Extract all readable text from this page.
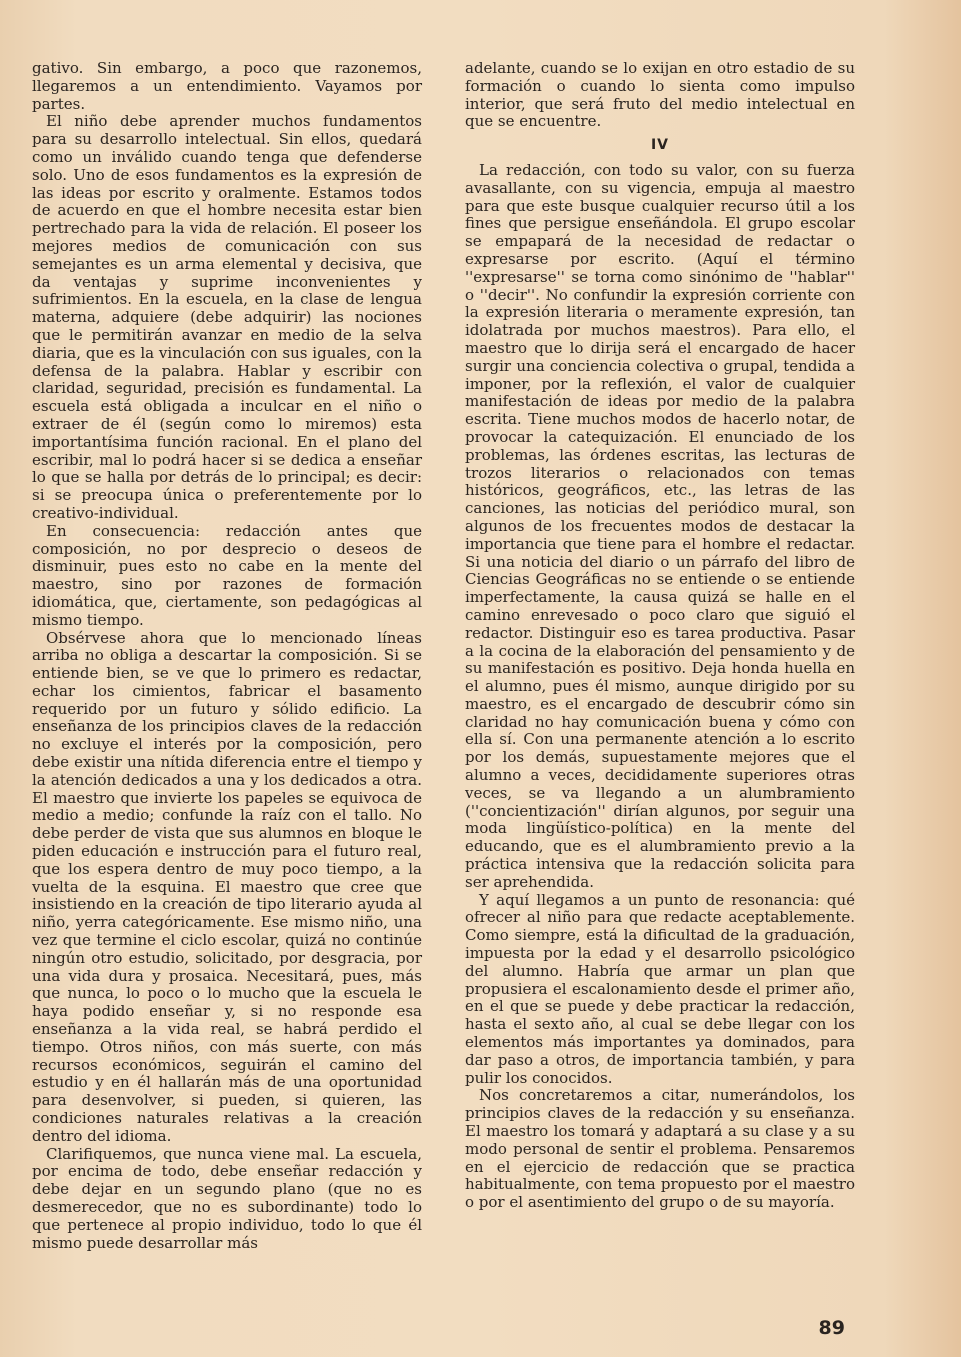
gativo. Sin embargo, a poco que razonemos, llegaremos a un entendimiento. Vayamos por partes.

El niño debe aprender muchos fundamentos para su desarrollo intelectual. Sin ellos, quedará como un inválido cuando tenga que defenderse solo. Uno de esos fundamentos es la expresión de las ideas por escrito y oralmente. Estamos todos de acuerdo en que el hombre necesita estar bien pertrechado para la vida de relación. El poseer los mejores medios de comunicación con sus semejantes es un arma elemental y decisiva, que da ventajas y suprime inconvenientes y sufrimientos. En la escuela, en la clase de lengua materna, adquiere (debe adquirir) las nociones que le permitirán avanzar en medio de la selva diaria, que es la vinculación con sus iguales, con la defensa de la palabra. Hablar y escribir con claridad, seguridad, precisión es fundamental. La escuela está obligada a inculcar en el niño o extraer de él (según como lo miremos) esta importantísima función racional. En el plano del escribir, mal lo podrá hacer si se dedica a enseñar lo que se halla por detrás de lo principal; es decir: si se preocupa única o preferentemente por lo creativo-individual.

En consecuencia: redacción antes que composición, no por desprecio o deseos de disminuir, pues esto no cabe en la mente del maestro, sino por razones de formación idiomática, que, ciertamente, son pedagógicas al mismo tiempo.

Obsérvese ahora que lo mencionado líneas arriba no obliga a descartar la composición. Si se entiende bien, se ve que lo primero es redactar, echar los cimientos, fabricar el basamento requerido por un futuro y sólido edificio. La enseñanza de los principios claves de la redacción no excluye el interés por la composición, pero debe existir una nítida diferencia entre el tiempo y la atención dedicados a una y los dedicados a otra. El maestro que invierte los papeles se equivoca de medio a medio; confunde la raíz con el tallo. No debe perder de vista que sus alumnos en bloque le piden educación e instrucción para el futuro real, que los espera dentro de muy poco tiempo, a la vuelta de la esquina. El maestro que cree que insistiendo en la creación de tipo literario ayuda al niño, yerra categóricamente. Ese mismo niño, una vez que termine el ciclo escolar, quizá no continúe ningún otro estudio, solicitado, por desgracia, por una vida dura y prosaica. Necesitará, pues, más que nunca, lo poco o lo mucho que la escuela le haya podido enseñar y, si no responde esa enseñanza a la vida real, se habrá perdido el tiempo. Otros niños, con más suerte, con más recursos económicos, seguirán el camino del estudio y en él hallarán más de una oportunidad para desenvolver, si pueden, si quieren, las condiciones naturales relativas a la creación dentro del idioma.

Clarifiquemos, que nunca viene mal. La escuela, por encima de todo, debe enseñar redacción y debe dejar en un segundo plano (que no es desmerecedor, que no es subordinante) todo lo que pertenece al propio individuo, todo lo que él mismo puede desarrollar más

adelante, cuando se lo exijan en otro estadio de su formación o cuando lo sienta como impulso interior, que será fruto del medio intelectual en que se encuentre.

IV

La redacción, con todo su valor, con su fuerza avasallante, con su vigencia, empuja al maestro para que este busque cualquier recurso útil a los fines que persigue enseñándola. El grupo escolar se empapará de la necesidad de redactar o expresarse por escrito. (Aquí el término ''expresarse'' se torna como sinónimo de ''hablar'' o ''decir''. No confundir la expresión corriente con la expresión literaria o meramente expresión, tan idolatrada por muchos maestros). Para ello, el maestro que lo dirija será el encargado de hacer surgir una conciencia colectiva o grupal, tendida a imponer, por la reflexión, el valor de cualquier manifestación de ideas por medio de la palabra escrita. Tiene muchos modos de hacerlo notar, de provocar la catequización. El enunciado de los problemas, las órdenes escritas, las lecturas de trozos literarios o relacionados con temas históricos, geográficos, etc., las letras de las canciones, las noticias del periódico mural, son algunos de los frecuentes modos de destacar la importancia que tiene para el hombre el redactar. Si una noticia del diario o un párrafo del libro de Ciencias Geográficas no se entiende o se entiende imperfectamente, la causa quizá se halle en el camino enrevesado o poco claro que siguió el redactor. Distinguir eso es tarea productiva. Pasar a la cocina de la elaboración del pensamiento y de su manifestación es positivo. Deja honda huella en el alumno, pues él mismo, aunque dirigido por su maestro, es el encargado de descubrir cómo sin claridad no hay comunicación buena y cómo con ella sí. Con una permanente atención a lo escrito por los demás, supuestamente mejores que el alumno a veces, decididamente superiores otras veces, se va llegando a un alumbramiento (''concientización'' dirían algunos, por seguir una moda lingüístico-política) en la mente del educando, que es el alumbramiento previo a la práctica intensiva que la redacción solicita para ser aprehendida.

Y aquí llegamos a un punto de resonancia: qué ofrecer al niño para que redacte aceptablemente. Como siempre, está la dificultad de la graduación, impuesta por la edad y el desarrollo psicológico del alumno. Habría que armar un plan que propusiera el escalonamiento desde el primer año, en el que se puede y debe practicar la redacción, hasta el sexto año, al cual se debe llegar con los elementos más importantes ya dominados, para dar paso a otros, de importancia también, y para pulir los conocidos.

Nos concretaremos a citar, numerándolos, los principios claves de la redacción y su enseñanza. El maestro los tomará y adaptará a su clase y a su modo personal de sentir el problema. Pensaremos en el ejercicio de redacción que se practica habitualmente, con tema propuesto por el maestro o por el asentimiento del grupo o de su mayoría.

89
